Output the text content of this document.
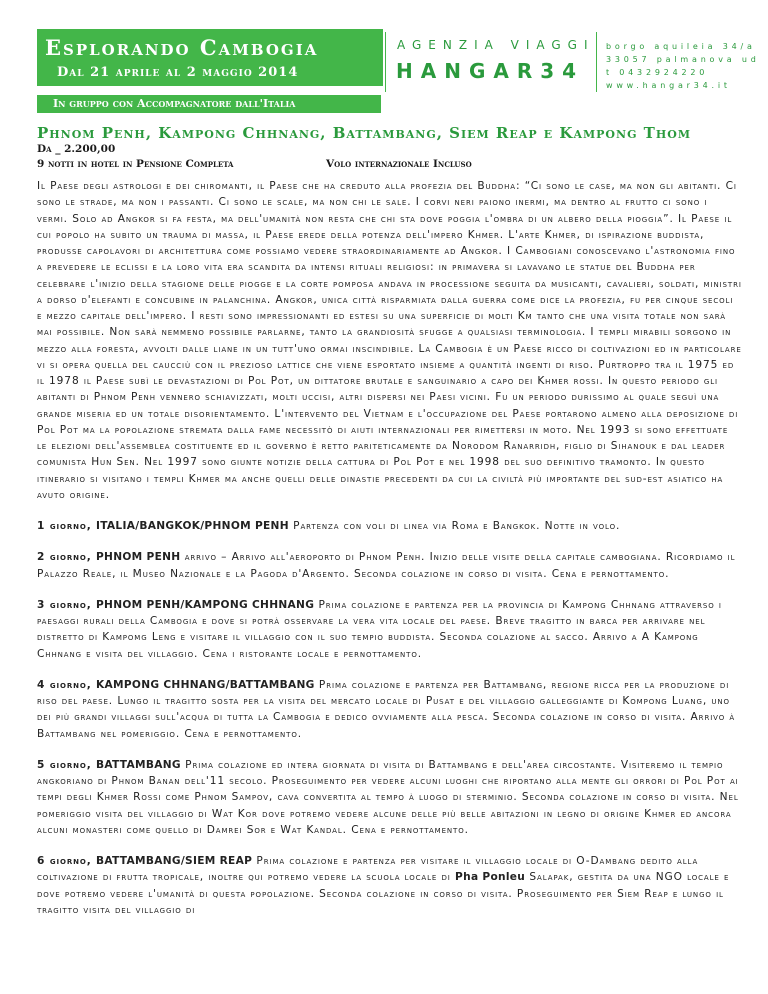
Esplorando Cambogia
Dal 21 aprile al 2 maggio 2014
AGENZIA VIAGGI
HANGAR34
borgo aquileia 34/a
33057 palmanova ud
t 0432924220
www.hangar34.it
In gruppo con Accompagnatore dall'Italia
Phnom Penh, Kampong Chhnang, Battambang, Siem Reap e Kampong Thom
Da _ 2.200,00
9 notti in hotel in Pensione Completa	Volo internazionale Incluso

Il Paese degli astrologi e dei chiromanti, il Paese che ha creduto alla profezia del Buddha: “Ci sono le case, ma non gli abitanti. Ci sono le strade, ma non i passanti. Ci sono le scale, ma non chi le sale. I corvi neri paiono inermi, ma dentro al frutto ci sono i vermi. Solo ad Angkor si fa festa, ma dell'umanità non resta che chi sta dove poggia l'ombra di un albero della pioggia”. Il Paese il cui popolo ha subito un trauma di massa, il Paese erede della potenza dell'impero Khmer. L'arte Khmer, di ispirazione buddista, produsse capolavori di architettura come possiamo vedere straordinariamente ad Angkor. I Cambogiani conoscevano l'astronomia fino a prevedere le eclissi e la loro vita era scandita da intensi rituali religiosi: in primavera si lavavano le statue del Buddha per celebrare l'inizio della stagione delle piogge e la corte pomposa andava in processione seguita da musicanti, cavalieri, soldati, ministri a dorso d'elefanti e concubine in palanchina. Angkor, unica città risparmiata dalla guerra come dice la profezia, fu per cinque secoli e mezzo capitale dell'impero. I resti sono impressionanti ed estesi su una superficie di molti Km tanto che una visita totale non sarà mai possibile. Non sarà nemmeno possibile parlarne, tanto la grandiosità sfugge a qualsiasi terminologia. I templi mirabili sorgono in mezzo alla foresta, avvolti dalle liane in un tutt'uno ormai inscindibile. La Cambogia è un Paese ricco di coltivazioni ed in particolare vi si opera quella del caucciù con il prezioso lattice che viene esportato insieme a quantità ingenti di riso. Purtroppo tra il 1975 ed il 1978 il Paese subì le devastazioni di Pol Pot, un dittatore brutale e sanguinario a capo dei Khmer rossi. In questo periodo gli abitanti di Phnom Penh vennero schiavizzati, molti uccisi, altri dispersi nei Paesi vicini. Fu un periodo durissimo al quale seguì una grande miseria ed un totale disorientamento. L'intervento del Vietnam e l'occupazione del Paese portarono almeno alla deposizione di Pol Pot ma la popolazione stremata dalla fame necessitò di aiuti internazionali per rimettersi in moto. Nel 1993 si sono effettuate le elezioni dell'assemblea costituente ed il governo è retto pariteticamente da Norodom Ranarridh, figlio di Sihanouk e dal leader comunista Hun Sen. Nel 1997 sono giunte notizie della cattura di Pol Pot e nel 1998 del suo definitivo tramonto. In questo itinerario si visitano i templi Khmer ma anche quelli delle dinastie precedenti da cui la civiltà più importante del sud-est asiatico ha avuto origine.

1 giorno, ITALIA/BANGKOK/PHNOM PENH Partenza con voli di linea via Roma e Bangkok. Notte in volo.

2 giorno, PHNOM PENH arrivo – Arrivo all'aeroporto di Phnom Penh. Inizio delle visite della capitale cambogiana. Ricordiamo il Palazzo Reale, il Museo Nazionale e la Pagoda d'Argento. Seconda colazione in corso di visita. Cena e pernottamento.

3 giorno, PHNOM PENH/KAMPONG CHHNANG Prima colazione e partenza per la provincia di Kampong Chhnang attraverso i paesaggi rurali della Cambogia e dove si potrà osservare la vera vita locale del paese. Breve tragitto in barca per arrivare nel distretto di Kampomg Leng e visitare il villaggio con il suo tempio buddista. Seconda colazione al sacco. Arrivo a A Kampong Chhnang e visita del villaggio. Cena i ristorante locale e pernottamento.

4 giorno, KAMPONG CHHNANG/BATTAMBANG Prima colazione e partenza per Battambang, regione ricca per la produzione di riso del paese. Lungo il tragitto sosta per la visita del mercato locale di Pusat e del villaggio galleggiante di Kompong Luang, uno dei più grandi villaggi sull'acqua di tutta la Cambogia e dedico ovviamente alla pesca. Seconda colazione in corso di visita. Arrivo à Battambang nel pomeriggio. Cena e pernottamento.

5 giorno, BATTAMBANG Prima colazione ed intera giornata di visita di Battambang e dell'area circostante. Visiteremo il tempio angkoriano di Phnom Banan dell'11 secolo. Proseguimento per vedere alcuni luoghi che riportano alla mente gli orrori di Pol Pot ai tempi degli Khmer Rossi come Phnom Sampov, cava convertita al tempo à luogo di sterminio. Seconda colazione in corso di visita. Nel pomeriggio visita del villaggio di Wat Kor dove potremo vedere alcune delle più belle abitazioni in legno di origine Khmer ed ancora alcuni monasteri come quello di Damrei Sor e Wat Kandal. Cena e pernottamento.

6 giorno, BATTAMBANG/SIEM REAP Prima colazione e partenza per visitare il villaggio locale di O-Dambang dedito alla coltivazione di frutta tropicale, inoltre qui potremo vedere la scuola locale di Pha Ponleu Salapak, gestita da una NGO locale e dove potremo vedere l'umanità di questa popolazione. Seconda colazione in corso di visita. Proseguimento per Siem Reap e lungo il tragitto visita del villaggio di
